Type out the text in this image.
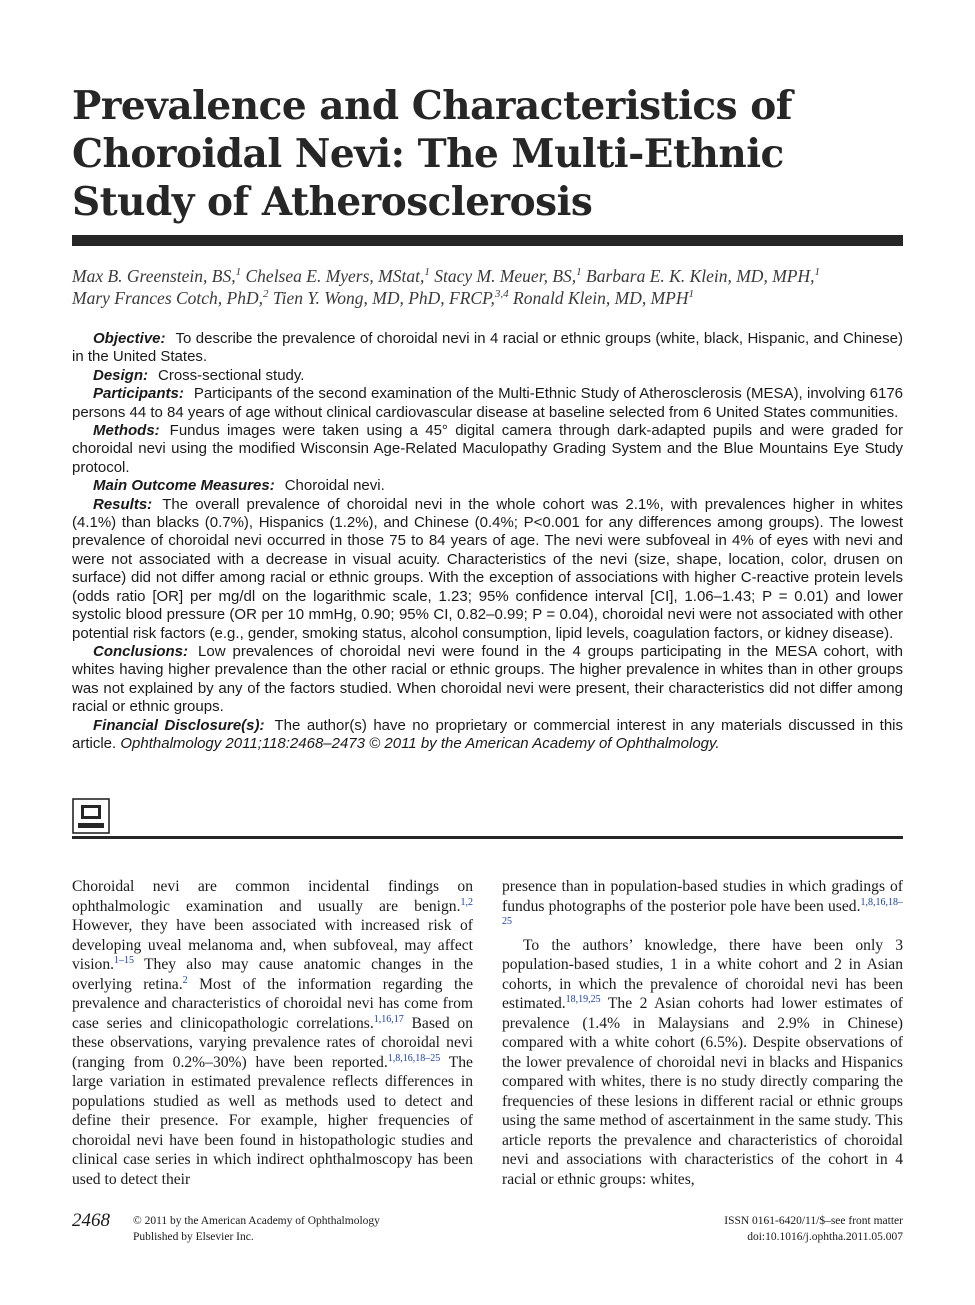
Prevalence and Characteristics of Choroidal Nevi: The Multi-Ethnic Study of Atherosclerosis
Max B. Greenstein, BS,$^1$ Chelsea E. Myers, MStat,$^1$ Stacy M. Meuer, BS,$^1$ Barbara E. K. Klein, MD, MPH,$^1$
Mary Frances Cotch, PhD,$^2$ Tien Y. Wong, MD, PhD, FRCP,$^{3,4}$ Ronald Klein, MD, MPH$^1$

Objective: To describe the prevalence of choroidal nevi in 4 racial or ethnic groups (white, black, Hispanic, and Chinese) in the United States.

Design: Cross-sectional study.

Participants: Participants of the second examination of the Multi-Ethnic Study of Atherosclerosis (MESA), involving 6176 persons 44 to 84 years of age without clinical cardiovascular disease at baseline selected from 6 United States communities.

Methods: Fundus images were taken using a 45° digital camera through dark-adapted pupils and were graded for choroidal nevi using the modified Wisconsin Age-Related Maculopathy Grading System and the Blue Mountains Eye Study protocol.

Main Outcome Measures: Choroidal nevi.

Results: The overall prevalence of choroidal nevi in the whole cohort was 2.1%, with prevalences higher in whites (4.1%) than blacks (0.7%), Hispanics (1.2%), and Chinese (0.4%; P<0.001 for any differences among groups). The lowest prevalence of choroidal nevi occurred in those 75 to 84 years of age. The nevi were subfoveal in 4% of eyes with nevi and were not associated with a decrease in visual acuity. Characteristics of the nevi (size, shape, location, color, drusen on surface) did not differ among racial or ethnic groups. With the exception of associations with higher C-reactive protein levels (odds ratio [OR] per mg/dl on the logarithmic scale, 1.23; 95% confidence interval [CI], 1.06–1.43; P = 0.01) and lower systolic blood pressure (OR per 10 mmHg, 0.90; 95% CI, 0.82–0.99; P = 0.04), choroidal nevi were not associated with other potential risk factors (e.g., gender, smoking status, alcohol consumption, lipid levels, coagulation factors, or kidney disease).

Conclusions: Low prevalences of choroidal nevi were found in the 4 groups participating in the MESA cohort, with whites having higher prevalence than the other racial or ethnic groups. The higher prevalence in whites than in other groups was not explained by any of the factors studied. When choroidal nevi were present, their characteristics did not differ among racial or ethnic groups.

Financial Disclosure(s): The author(s) have no proprietary or commercial interest in any materials discussed in this article. Ophthalmology 2011;118:2468–2473 © 2011 by the American Academy of Ophthalmology.

Choroidal nevi are common incidental findings on ophthalmologic examination and usually are benign.$^{1,2}$ However, they have been associated with increased risk of developing uveal melanoma and, when subfoveal, may affect vision.$^{1-15}$ They also may cause anatomic changes in the overlying retina.$^2$ Most of the information regarding the prevalence and characteristics of choroidal nevi has come from case series and clinicopathologic correlations.$^{1,16,17}$ Based on these observations, varying prevalence rates of choroidal nevi (ranging from 0.2%–30%) have been reported.$^{1,8,16,18-25}$ The large variation in estimated prevalence reflects differences in populations studied as well as methods used to detect and define their presence. For example, higher frequencies of choroidal nevi have been found in histopathologic studies and clinical case series in which indirect ophthalmoscopy has been used to detect their

presence than in population-based studies in which gradings of fundus photographs of the posterior pole have been used.$^{1,8,16,18-25}$

To the authors’ knowledge, there have been only 3 population-based studies, 1 in a white cohort and 2 in Asian cohorts, in which the prevalence of choroidal nevi has been estimated.$^{18,19,25}$ The 2 Asian cohorts had lower estimates of prevalence (1.4% in Malaysians and 2.9% in Chinese) compared with a white cohort (6.5%). Despite observations of the lower prevalence of choroidal nevi in blacks and Hispanics compared with whites, there is no study directly comparing the frequencies of these lesions in different racial or ethnic groups using the same method of ascertainment in the same study. This article reports the prevalence and characteristics of choroidal nevi and associations with characteristics of the cohort in 4 racial or ethnic groups: whites,

2468 © 2011 by the American Academy of Ophthalmology
Published by Elsevier Inc.
ISSN 0161-6420/11/$–see front matter
doi:10.1016/j.ophtha.2011.05.007
